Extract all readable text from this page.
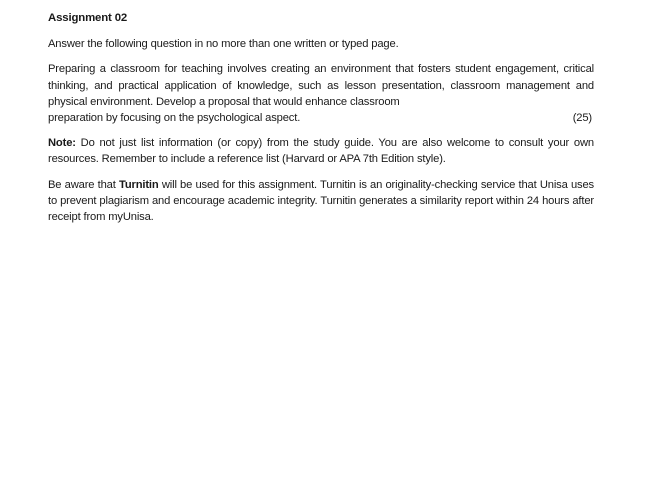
Assignment 02

Answer the following question in no more than one written or typed page.

Preparing a classroom for teaching involves creating an environment that fosters student engagement, critical thinking, and practical application of knowledge, such as lesson presentation, classroom management and physical environment. Develop a proposal that would enhance classroom

preparation by focusing on the psychological aspect.	(25)

Note: Do not just list information (or copy) from the study guide. You are also welcome to consult your own resources. Remember to include a reference list (Harvard or APA 7th Edition style).

Be aware that Turnitin will be used for this assignment. Turnitin is an originality-checking service that Unisa uses to prevent plagiarism and encourage academic integrity. Turnitin generates a similarity report within 24 hours after receipt from myUnisa.
